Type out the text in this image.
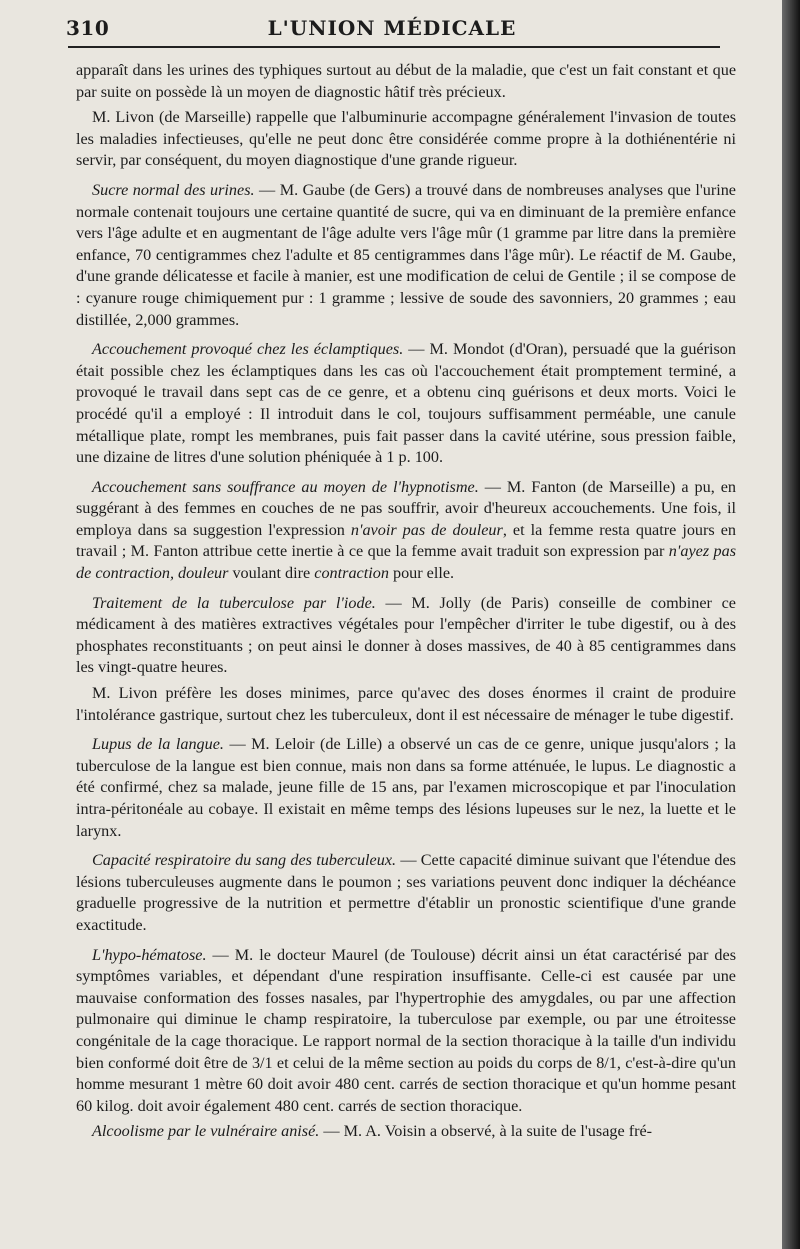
310	L'UNION MÉDICALE

apparaît dans les urines des typhiques surtout au début de la maladie, que c'est un fait constant et que par suite on possède là un moyen de diagnostic hâtif très précieux.

M. Livon (de Marseille) rappelle que l'albuminurie accompagne généralement l'invasion de toutes les maladies infectieuses, qu'elle ne peut donc être considérée comme propre à la dothiénentérie ni servir, par conséquent, du moyen diagnostique d'une grande rigueur.

Sucre normal des urines. — M. Gaube (de Gers) a trouvé dans de nombreuses analyses que l'urine normale contenait toujours une certaine quantité de sucre, qui va en diminuant de la première enfance vers l'âge adulte et en augmentant de l'âge adulte vers l'âge mûr (1 gramme par litre dans la première enfance, 70 centigrammes chez l'adulte et 85 centigrammes dans l'âge mûr). Le réactif de M. Gaube, d'une grande délicatesse et facile à manier, est une modification de celui de Gentile ; il se compose de : cyanure rouge chimiquement pur : 1 gramme ; lessive de soude des savonniers, 20 grammes ; eau distillée, 2,000 grammes.

Accouchement provoqué chez les éclamptiques. — M. Mondot (d'Oran), persuadé que la guérison était possible chez les éclamptiques dans les cas où l'accouchement était promptement terminé, a provoqué le travail dans sept cas de ce genre, et a obtenu cinq guérisons et deux morts. Voici le procédé qu'il a employé : Il introduit dans le col, toujours suffisamment perméable, une canule métallique plate, rompt les membranes, puis fait passer dans la cavité utérine, sous pression faible, une dizaine de litres d'une solution phéniquée à 1 p. 100.

Accouchement sans souffrance au moyen de l'hypnotisme. — M. Fanton (de Marseille) a pu, en suggérant à des femmes en couches de ne pas souffrir, avoir d'heureux accouchements. Une fois, il employa dans sa suggestion l'expression n'avoir pas de douleur, et la femme resta quatre jours en travail ; M. Fanton attribue cette inertie à ce que la femme avait traduit son expression par n'ayez pas de contraction, douleur voulant dire contraction pour elle.

Traitement de la tuberculose par l'iode. — M. Jolly (de Paris) conseille de combiner ce médicament à des matières extractives végétales pour l'empêcher d'irriter le tube digestif, ou à des phosphates reconstituants ; on peut ainsi le donner à doses massives, de 40 à 85 centigrammes dans les vingt-quatre heures.

M. Livon préfère les doses minimes, parce qu'avec des doses énormes il craint de produire l'intolérance gastrique, surtout chez les tuberculeux, dont il est nécessaire de ménager le tube digestif.

Lupus de la langue. — M. Leloir (de Lille) a observé un cas de ce genre, unique jusqu'alors ; la tuberculose de la langue est bien connue, mais non dans sa forme atténuée, le lupus. Le diagnostic a été confirmé, chez sa malade, jeune fille de 15 ans, par l'examen microscopique et par l'inoculation intra-péritonéale au cobaye. Il existait en même temps des lésions lupeuses sur le nez, la luette et le larynx.

Capacité respiratoire du sang des tuberculeux. — Cette capacité diminue suivant que l'étendue des lésions tuberculeuses augmente dans le poumon ; ses variations peuvent donc indiquer la déchéance graduelle progressive de la nutrition et permettre d'établir un pronostic scientifique d'une grande exactitude.

L'hypo-hématose. — M. le docteur Maurel (de Toulouse) décrit ainsi un état caractérisé par des symptômes variables, et dépendant d'une respiration insuffisante. Celle-ci est causée par une mauvaise conformation des fosses nasales, par l'hypertrophie des amygdales, ou par une affection pulmonaire qui diminue le champ respiratoire, la tuberculose par exemple, ou par une étroitesse congénitale de la cage thoracique. Le rapport normal de la section thoracique à la taille d'un individu bien conformé doit être de 3/1 et celui de la même section au poids du corps de 8/1, c'est-à-dire qu'un homme mesurant 1 mètre 60 doit avoir 480 cent. carrés de section thoracique et qu'un homme pesant 60 kilog. doit avoir également 480 cent. carrés de section thoracique.

Alcoolisme par le vulnéraire anisé. — M. A. Voisin a observé, à la suite de l'usage fré-
